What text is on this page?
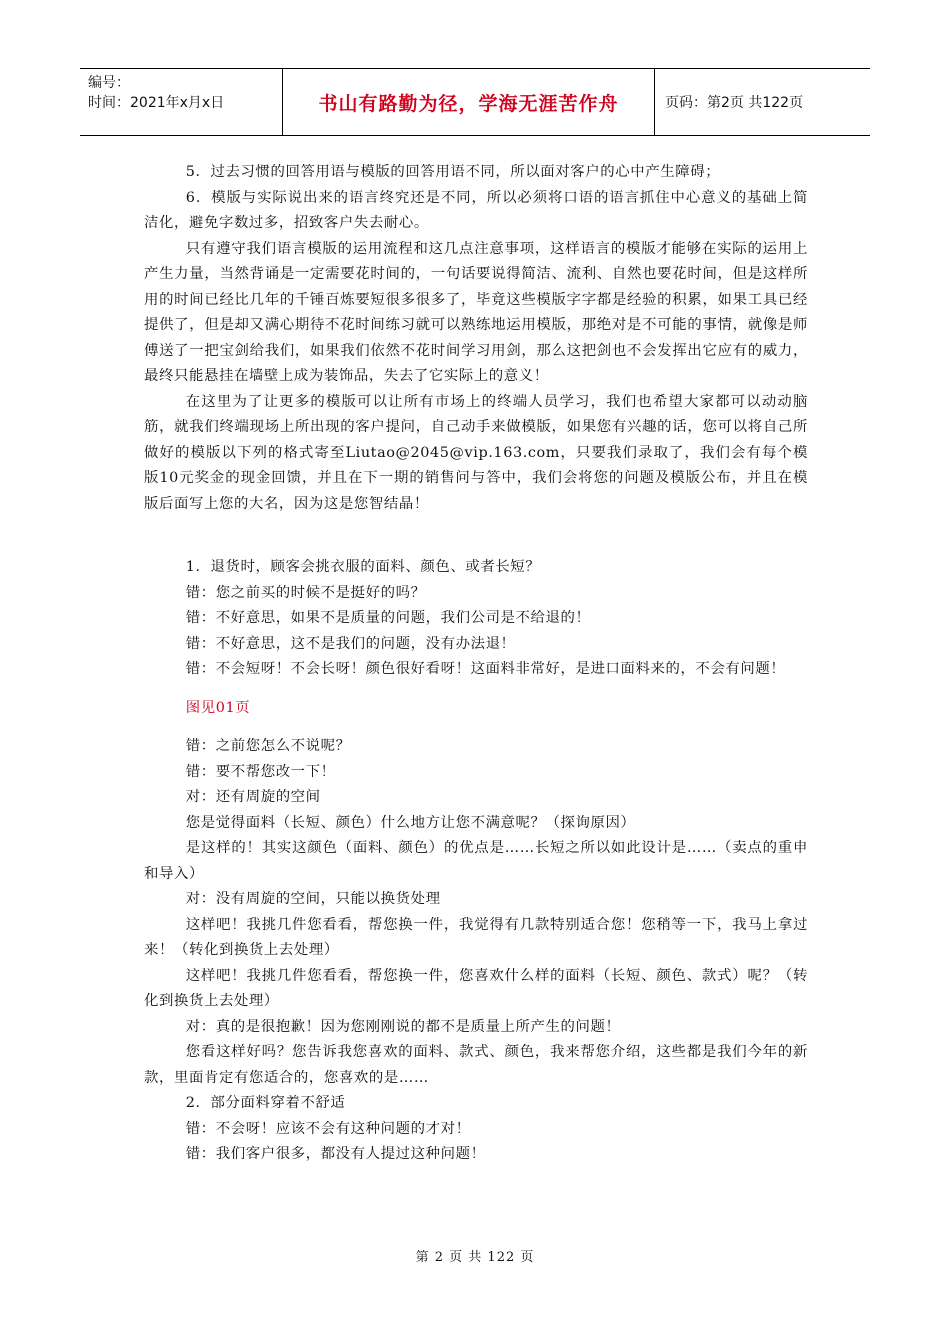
编号：
时间：2021年x月x日	书山有路勤为径，学海无涯苦作舟	页码：第2页 共122页

5．过去习惯的回答用语与模版的回答用语不同，所以面对客户的心中产生障碍；

6．模版与实际说出来的语言终究还是不同，所以必须将口语的语言抓住中心意义的基础上简洁化，避免字数过多，招致客户失去耐心。

只有遵守我们语言模版的运用流程和这几点注意事项，这样语言的模版才能够在实际的运用上产生力量，当然背诵是一定需要花时间的，一句话要说得简洁、流利、自然也要花时间，但是这样所用的时间已经比几年的千锤百炼要短很多很多了，毕竟这些模版字字都是经验的积累，如果工具已经提供了，但是却又满心期待不花时间练习就可以熟练地运用模版，那绝对是不可能的事情，就像是师傅送了一把宝剑给我们，如果我们依然不花时间学习用剑，那么这把剑也不会发挥出它应有的威力，最终只能悬挂在墙壁上成为装饰品，失去了它实际上的意义！

在这里为了让更多的模版可以让所有市场上的终端人员学习，我们也希望大家都可以动动脑筋，就我们终端现场上所出现的客户提问，自己动手来做模版，如果您有兴趣的话，您可以将自己所做好的模版以下列的格式寄至Liutao@2045@vip.163.com，只要我们录取了，我们会有每个模版10元奖金的现金回馈，并且在下一期的销售问与答中，我们会将您的问题及模版公布，并且在模版后面写上您的大名，因为这是您智结晶！

1．退货时，顾客会挑衣服的面料、颜色、或者长短？

错：您之前买的时候不是挺好的吗？

错：不好意思，如果不是质量的问题，我们公司是不给退的！

错：不好意思，这不是我们的问题，没有办法退！

错：不会短呀！不会长呀！颜色很好看呀！这面料非常好，是进口面料来的，不会有问题！

图见01页

错：之前您怎么不说呢？

错：要不帮您改一下！

对：还有周旋的空间

您是觉得面料（长短、颜色）什么地方让您不满意呢？（探询原因）

是这样的！其实这颜色（面料、颜色）的优点是……长短之所以如此设计是……（卖点的重申和导入）

对：没有周旋的空间，只能以换货处理

这样吧！我挑几件您看看，帮您换一件，我觉得有几款特别适合您！您稍等一下，我马上拿过来！（转化到换货上去处理）

这样吧！我挑几件您看看，帮您换一件，您喜欢什么样的面料（长短、颜色、款式）呢？（转化到换货上去处理）

对：真的是很抱歉！因为您刚刚说的都不是质量上所产生的问题！

您看这样好吗？您告诉我您喜欢的面料、款式、颜色，我来帮您介绍，这些都是我们今年的新款，里面肯定有您适合的，您喜欢的是……

2．部分面料穿着不舒适

错：不会呀！应该不会有这种问题的才对！

错：我们客户很多，都没有人提过这种问题！

第 2 页 共 122 页
